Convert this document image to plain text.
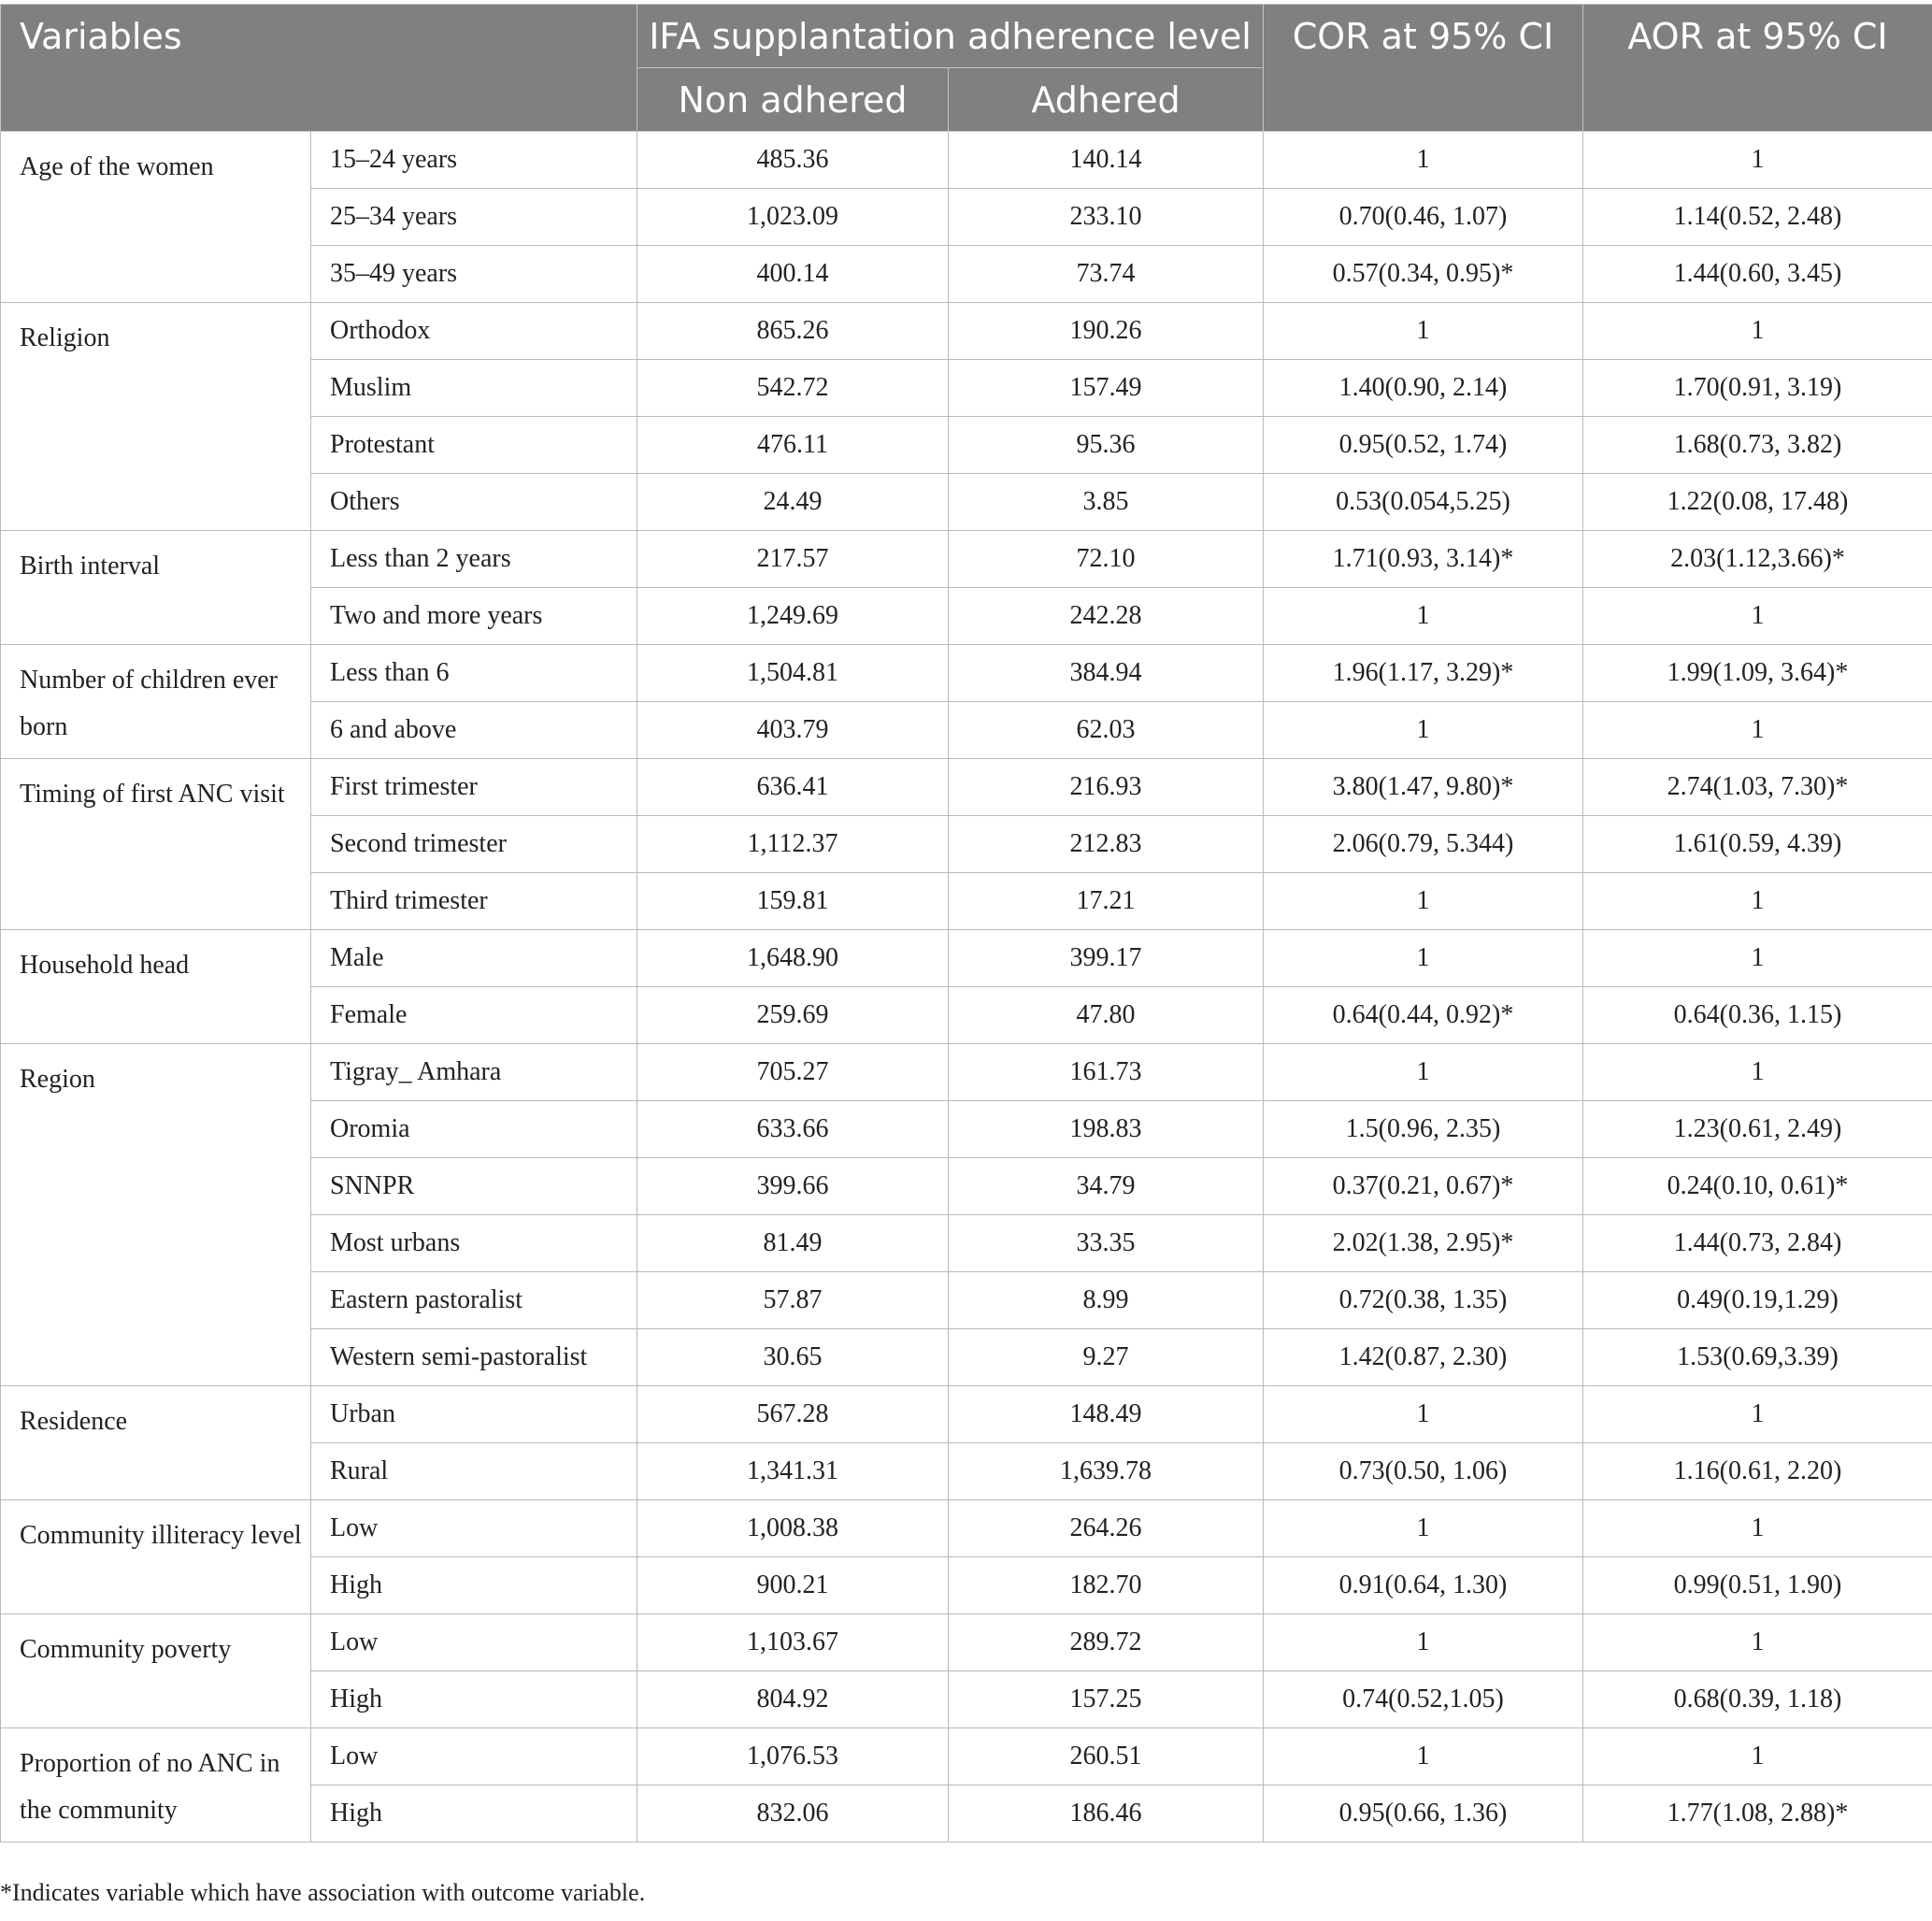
Variables		IFA supplantation adherence level		COR at 95% CI	AOR at 95% CI
		Non adhered	Adhered		
Age of the women	15–24 years	485.36	140.14	1	1
	25–34 years	1,023.09	233.10	0.70(0.46, 1.07)	1.14(0.52, 2.48)
	35–49 years	400.14	73.74	0.57(0.34, 0.95)*	1.44(0.60, 3.45)
Religion	Orthodox	865.26	190.26	1	1
	Muslim	542.72	157.49	1.40(0.90, 2.14)	1.70(0.91, 3.19)
	Protestant	476.11	95.36	0.95(0.52, 1.74)	1.68(0.73, 3.82)
	Others	24.49	3.85	0.53(0.054,5.25)	1.22(0.08, 17.48)
Birth interval	Less than 2 years	217.57	72.10	1.71(0.93, 3.14)*	2.03(1.12,3.66)*
	Two and more years	1,249.69	242.28	1	1
Number of children ever born	Less than 6	1,504.81	384.94	1.96(1.17, 3.29)*	1.99(1.09, 3.64)*
	6 and above	403.79	62.03	1	1
Timing of first ANC visit	First trimester	636.41	216.93	3.80(1.47, 9.80)*	2.74(1.03, 7.30)*
	Second trimester	1,112.37	212.83	2.06(0.79, 5.344)	1.61(0.59, 4.39)
	Third trimester	159.81	17.21	1	1
Household head	Male	1,648.90	399.17	1	1
	Female	259.69	47.80	0.64(0.44, 0.92)*	0.64(0.36, 1.15)
Region	Tigray_ Amhara	705.27	161.73	1	1
	Oromia	633.66	198.83	1.5(0.96, 2.35)	1.23(0.61, 2.49)
	SNNPR	399.66	34.79	0.37(0.21, 0.67)*	0.24(0.10, 0.61)*
	Most urbans	81.49	33.35	2.02(1.38, 2.95)*	1.44(0.73, 2.84)
	Eastern pastoralist	57.87	8.99	0.72(0.38, 1.35)	0.49(0.19,1.29)
	Western semi-pastoralist	30.65	9.27	1.42(0.87, 2.30)	1.53(0.69,3.39)
Residence	Urban	567.28	148.49	1	1
	Rural	1,341.31	1,639.78	0.73(0.50, 1.06)	1.16(0.61, 2.20)
Community illiteracy level	Low	1,008.38	264.26	1	1
	High	900.21	182.70	0.91(0.64, 1.30)	0.99(0.51, 1.90)
Community poverty	Low	1,103.67	289.72	1	1
	High	804.92	157.25	0.74(0.52,1.05)	0.68(0.39, 1.18)
Proportion of no ANC in the community	Low	1,076.53	260.51	1	1
	High	832.06	186.46	0.95(0.66, 1.36)	1.77(1.08, 2.88)*

*Indicates variable which have association with outcome variable.
